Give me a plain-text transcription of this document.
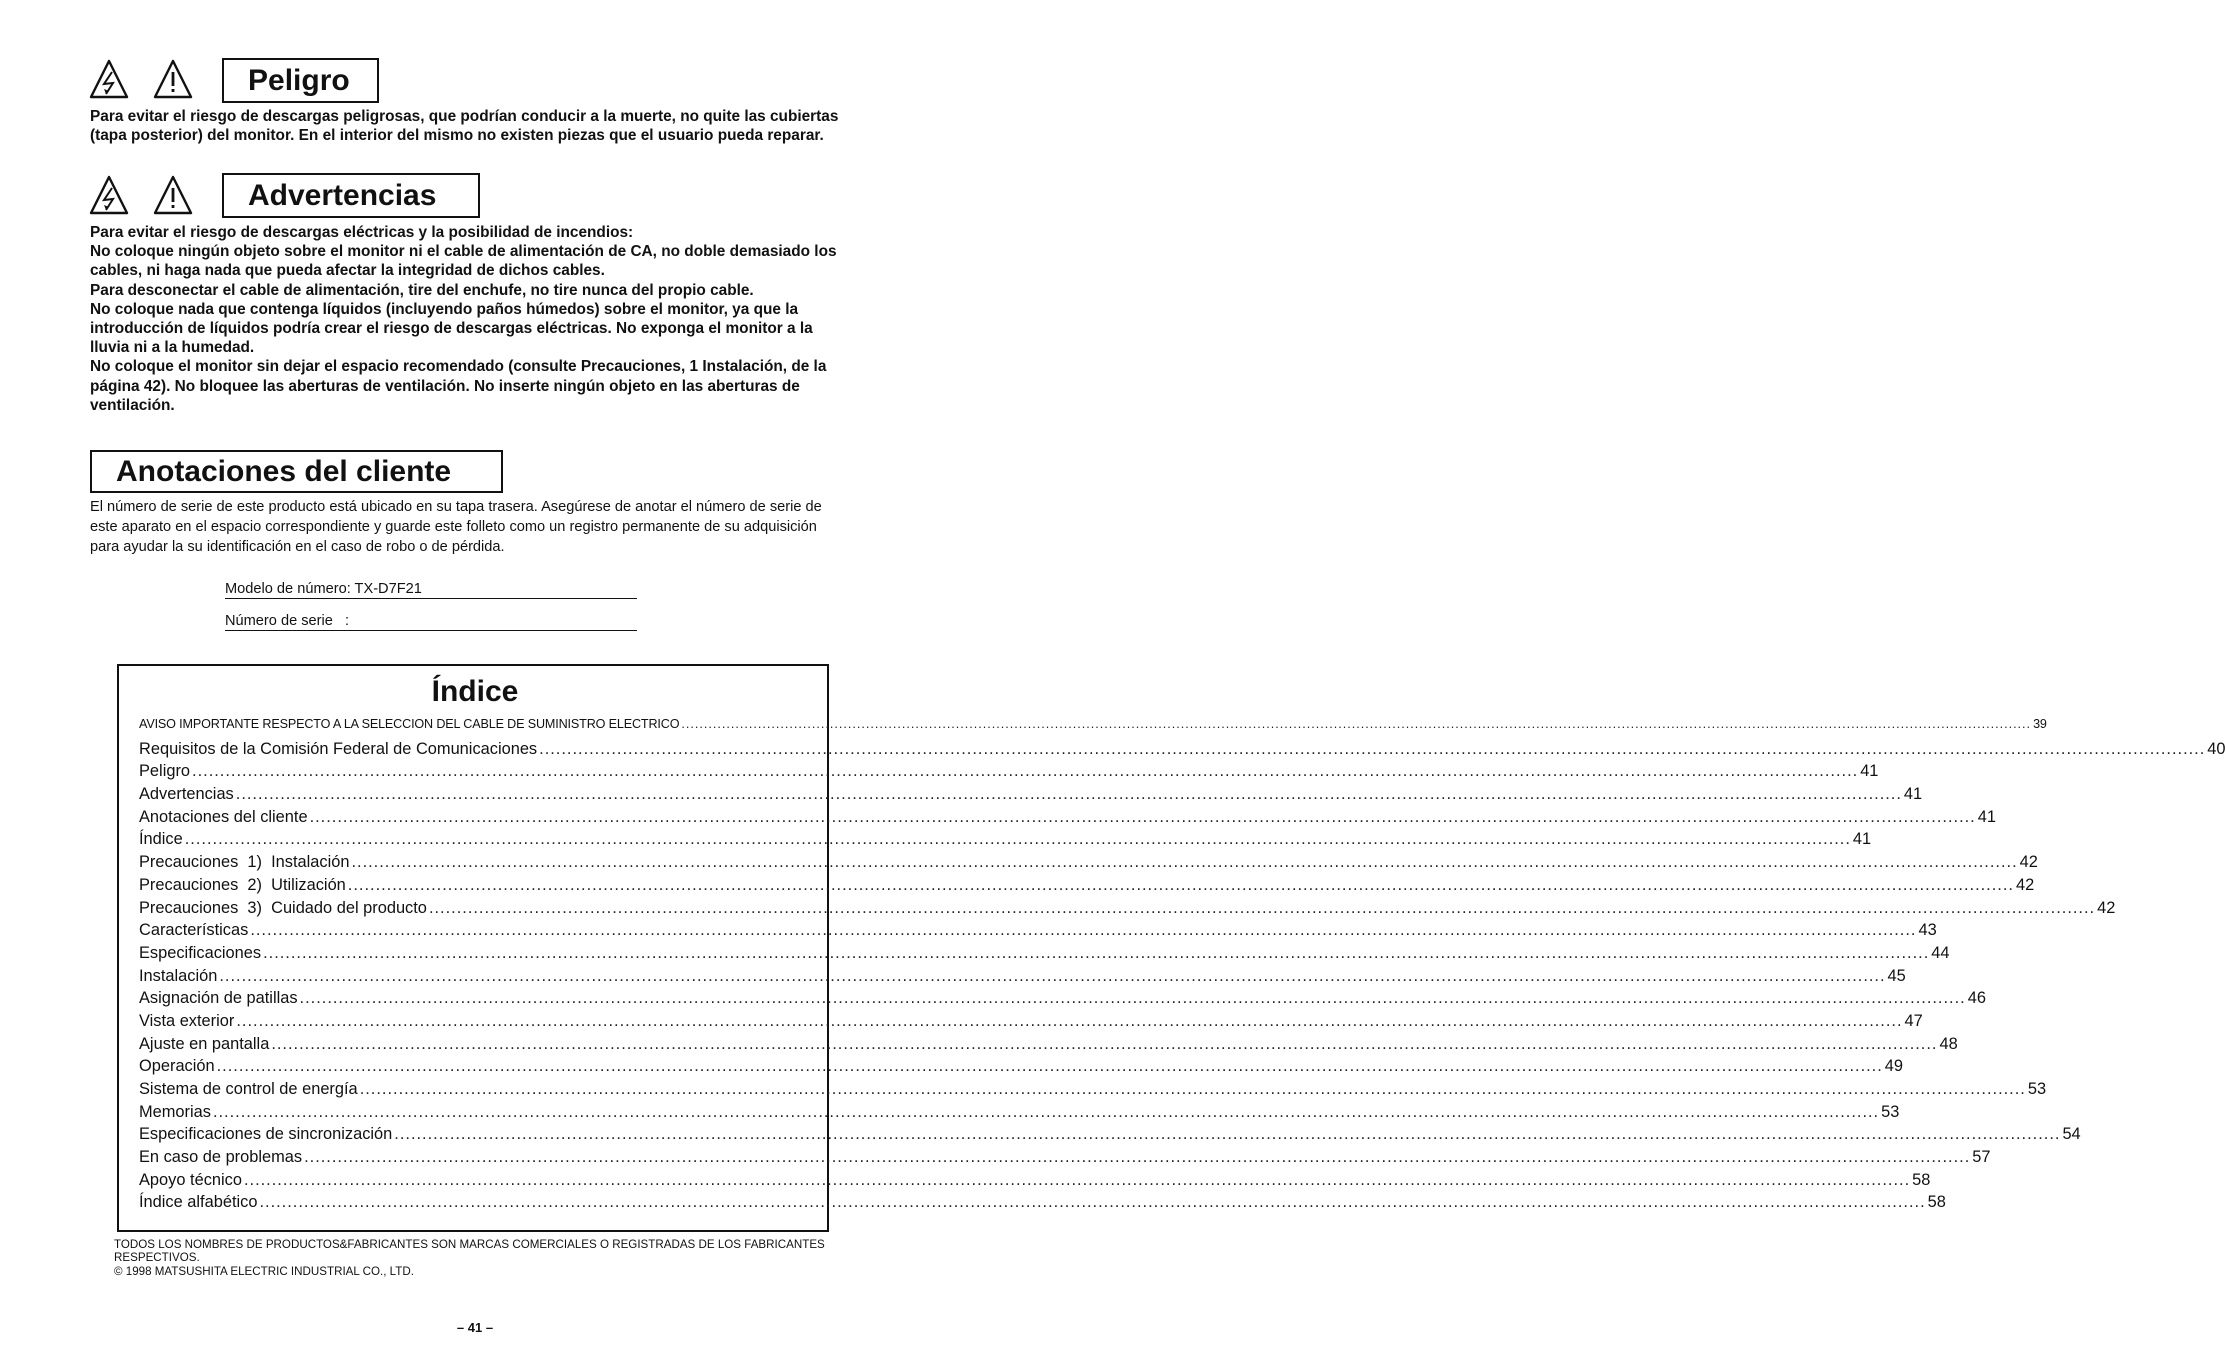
Peligro

Para evitar el riesgo de descargas peligrosas, que podrían conducir a la muerte, no quite las cubiertas (tapa posterior) del monitor. En el interior del mismo no existen piezas que el usuario pueda reparar.

Advertencias

Para evitar el riesgo de descargas eléctricas y la posibilidad de incendios:

No coloque ningún objeto sobre el monitor ni el cable de alimentación de CA, no doble demasiado los cables, ni haga nada que pueda afectar la integridad de dichos cables.

Para desconectar el cable de alimentación, tire del enchufe, no tire nunca del propio cable.

No coloque nada que contenga líquidos (incluyendo paños húmedos) sobre el monitor, ya que la introducción de líquidos podría crear el riesgo de descargas eléctricas. No exponga el monitor a la lluvia ni a la humedad.

No coloque el monitor sin dejar el espacio recomendado (consulte Precauciones, 1 Instalación, de la página 42). No bloquee las aberturas de ventilación. No inserte ningún objeto en las aberturas de ventilación.

Anotaciones del cliente
El número de serie de este producto está ubicado en su tapa trasera. Asegúrese de anotar el número de serie de este aparato en el espacio correspondiente y guarde este folleto como un registro permanente de su adquisición para ayudar la su identificación en el caso de robo o de pérdida.
Modelo de número: TX-D7F21
Número de serie   :
Índice
AVISO IMPORTANTE RESPECTO A LA SELECCION DEL CABLE DE SUMINISTRO ELECTRICO ............................................................................................................................................................................................................................................................................................................ 39
Requisitos de la Comisión Federal de Comunicaciones ............................................................................................................................................................................................................................................................................................................ 40
Peligro ............................................................................................................................................................................................................................................................................................................ 41
Advertencias ............................................................................................................................................................................................................................................................................................................ 41
Anotaciones del cliente ............................................................................................................................................................................................................................................................................................................ 41
Índice ............................................................................................................................................................................................................................................................................................................ 41
Precauciones  1)  Instalación ............................................................................................................................................................................................................................................................................................................ 42
Precauciones  2)  Utilización ............................................................................................................................................................................................................................................................................................................ 42
Precauciones  3)  Cuidado del producto ............................................................................................................................................................................................................................................................................................................ 42
Características ............................................................................................................................................................................................................................................................................................................ 43
Especificaciones ............................................................................................................................................................................................................................................................................................................ 44
Instalación ............................................................................................................................................................................................................................................................................................................ 45
Asignación de patillas ............................................................................................................................................................................................................................................................................................................ 46
Vista exterior ............................................................................................................................................................................................................................................................................................................ 47
Ajuste en pantalla ............................................................................................................................................................................................................................................................................................................ 48
Operación ............................................................................................................................................................................................................................................................................................................ 49
Sistema de control de energía ............................................................................................................................................................................................................................................................................................................ 53
Memorias ............................................................................................................................................................................................................................................................................................................ 53
Especificaciones de sincronización ............................................................................................................................................................................................................................................................................................................ 54
En caso de problemas ............................................................................................................................................................................................................................................................................................................ 57
Apoyo técnico ............................................................................................................................................................................................................................................................................................................ 58
Índice alfabético ............................................................................................................................................................................................................................................................................................................ 58

TODOS LOS NOMBRES DE PRODUCTOS&FABRICANTES SON MARCAS COMERCIALES O REGISTRADAS DE LOS FABRICANTES RESPECTIVOS.

© 1998 MATSUSHITA ELECTRIC INDUSTRIAL CO., LTD.

– 41 –
